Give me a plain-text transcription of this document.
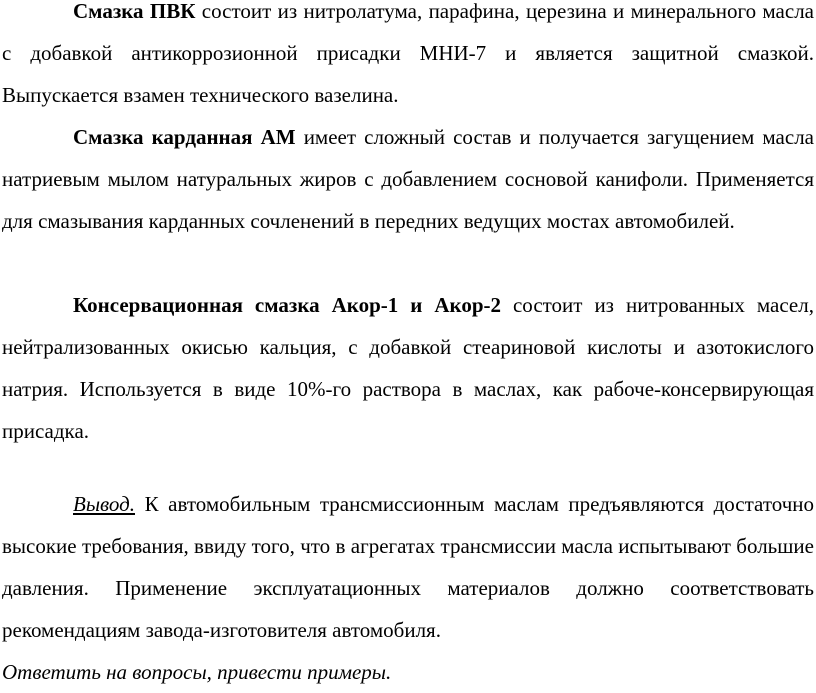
Смазка ПВК состоит из нитролатума, парафина, церезина и минерального масла с добавкой антикоррозионной присадки МНИ-7 и является защитной смазкой. Выпускается взамен технического вазелина.

Смазка карданная АМ имеет сложный состав и получается загущением масла натриевым мылом натуральных жиров с добавлением сосновой канифоли. Применяется для смазывания карданных сочленений в передних ведущих мостах автомобилей.

Консервационная смазка Акор-1 и Акор-2 состоит из нитрованных масел, нейтрализованных окисью кальция, с добавкой стеариновой кислоты и азотокислого натрия. Используется в виде 10%-го раствора в маслах, как рабоче-консервирующая присадка.

Вывод. К автомобильным трансмиссионным маслам предъявляются достаточно высокие требования, ввиду того, что в агрегатах трансмиссии масла испытывают большие давления. Применение эксплуатационных материалов должно соответствовать рекомендациям завода-изготовителя автомобиля.

Ответить на вопросы, привести примеры.
